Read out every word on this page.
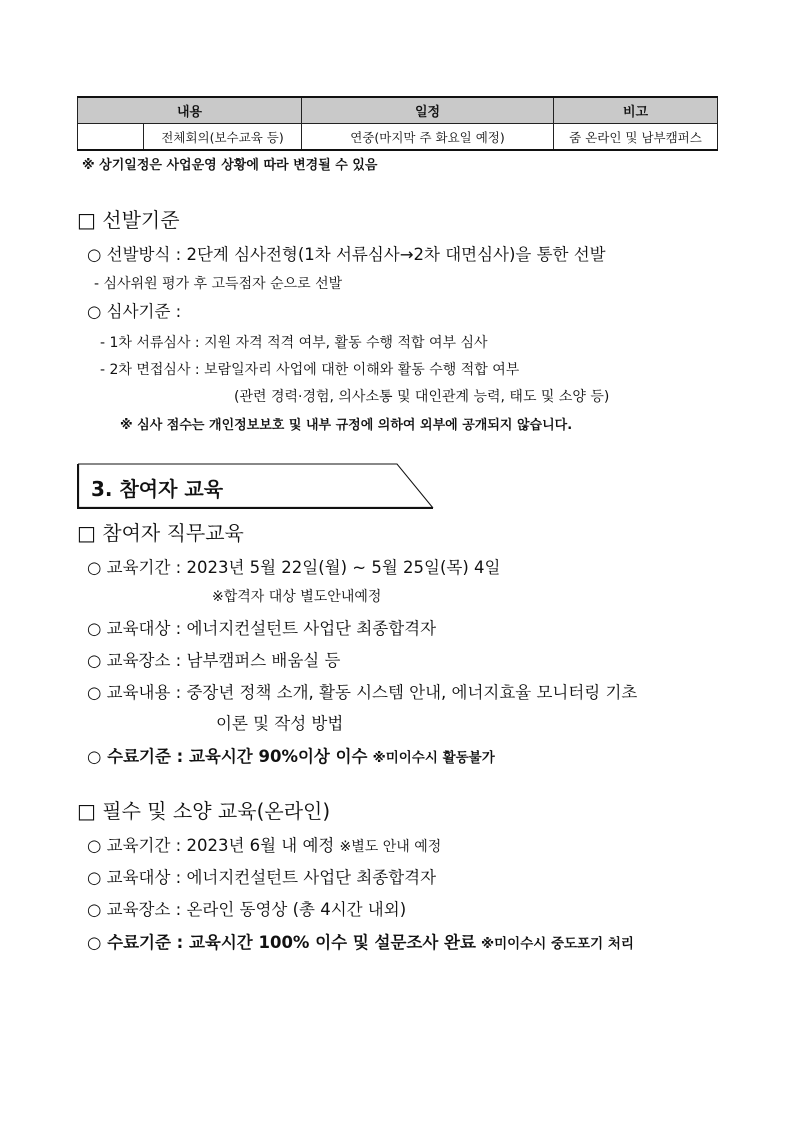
내용		일정	비고
	전체회의(보수교육 등)	연중(마지막 주 화요일 예정)	줌 온라인 및 남부캠퍼스
※ 상기일정은 사업운영 상황에 따라 변경될 수 있음
□ 선발기준
○ 선발방식 : 2단계 심사전형(1차 서류심사→2차 대면심사)을 통한 선발
- 심사위원 평가 후 고득점자 순으로 선발
○ 심사기준 :
- 1차 서류심사 : 지원 자격 적격 여부, 활동 수행 적합 여부 심사
- 2차 면접심사 : 보람일자리 사업에 대한 이해와 활동 수행 적합 여부
(관련 경력·경험, 의사소통 및 대인관계 능력, 태도 및 소양 등)
※ 심사 점수는 개인정보보호 및 내부 규정에 의하여 외부에 공개되지 않습니다.
3. 참여자 교육
□ 참여자 직무교육
○ 교육기간 : 2023년 5월 22일(월) ~ 5월 25일(목) 4일
※합격자 대상 별도안내예정
○ 교육대상 : 에너지컨설턴트 사업단 최종합격자
○ 교육장소 : 남부캠퍼스 배움실 등
○ 교육내용 : 중장년 정책 소개, 활동 시스템 안내, 에너지효율 모니터링 기초
이론 및 작성 방법
○ 수료기준 : 교육시간 90%이상 이수 ※미이수시 활동불가
□ 필수 및 소양 교육(온라인)
○ 교육기간 : 2023년 6월 내 예정 ※별도 안내 예정
○ 교육대상 : 에너지컨설턴트 사업단 최종합격자
○ 교육장소 : 온라인 동영상 (총 4시간 내외)
○ 수료기준 : 교육시간 100% 이수 및 설문조사 완료 ※미이수시 중도포기 처리
